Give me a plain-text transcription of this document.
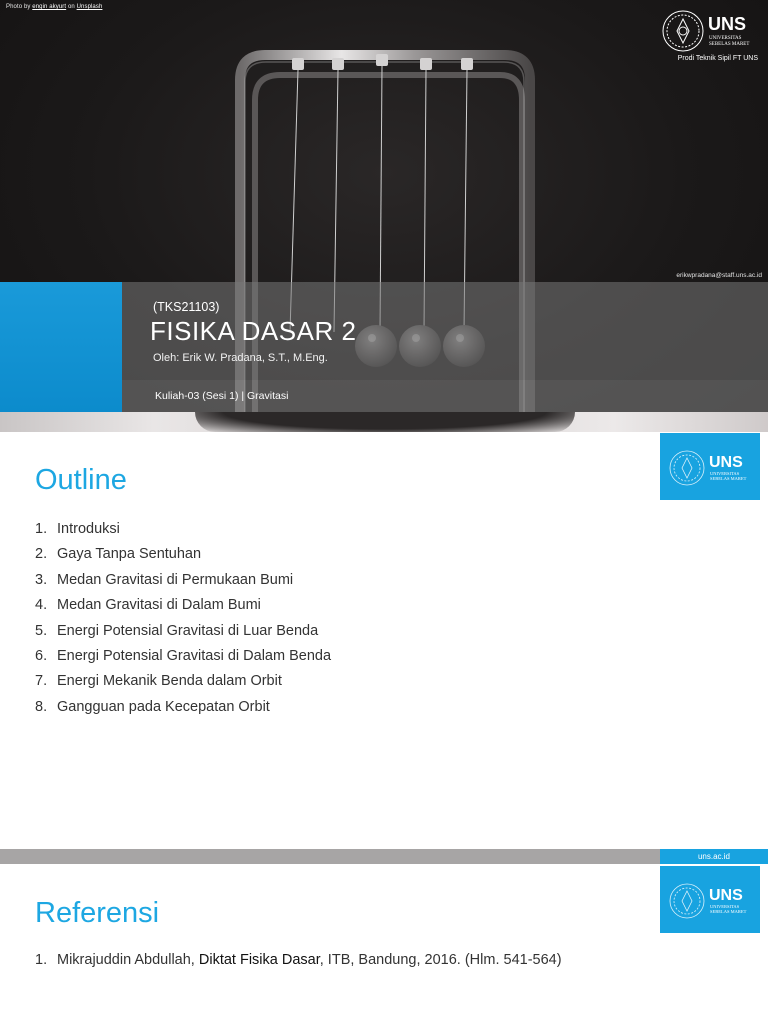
Photo by engin akyurt on Unsplash
UNS
UNIVERSITAS
SEBELAS MARET
Prodi Teknik Sipil FT UNS
erikwpradana@staff.uns.ac.id
(TKS21103)
FISIKA DASAR 2
Oleh: Erik W. Pradana, S.T., M.Eng.
Kuliah-03 (Sesi 1) | Gravitasi
UNS
UNIVERSITAS
SEBELAS MARET
Outline
1. Introduksi
2. Gaya Tanpa Sentuhan
3. Medan Gravitasi di Permukaan Bumi
4. Medan Gravitasi di Dalam Bumi
5. Energi Potensial Gravitasi di Luar Benda
6. Energi Potensial Gravitasi di Dalam Benda
7. Energi Mekanik Benda dalam Orbit
8. Gangguan pada Kecepatan Orbit
uns.ac.id
UNS
UNIVERSITAS
SEBELAS MARET
Referensi
1. Mikrajuddin Abdullah, Diktat Fisika Dasar, ITB, Bandung, 2016. (Hlm. 541-564)
